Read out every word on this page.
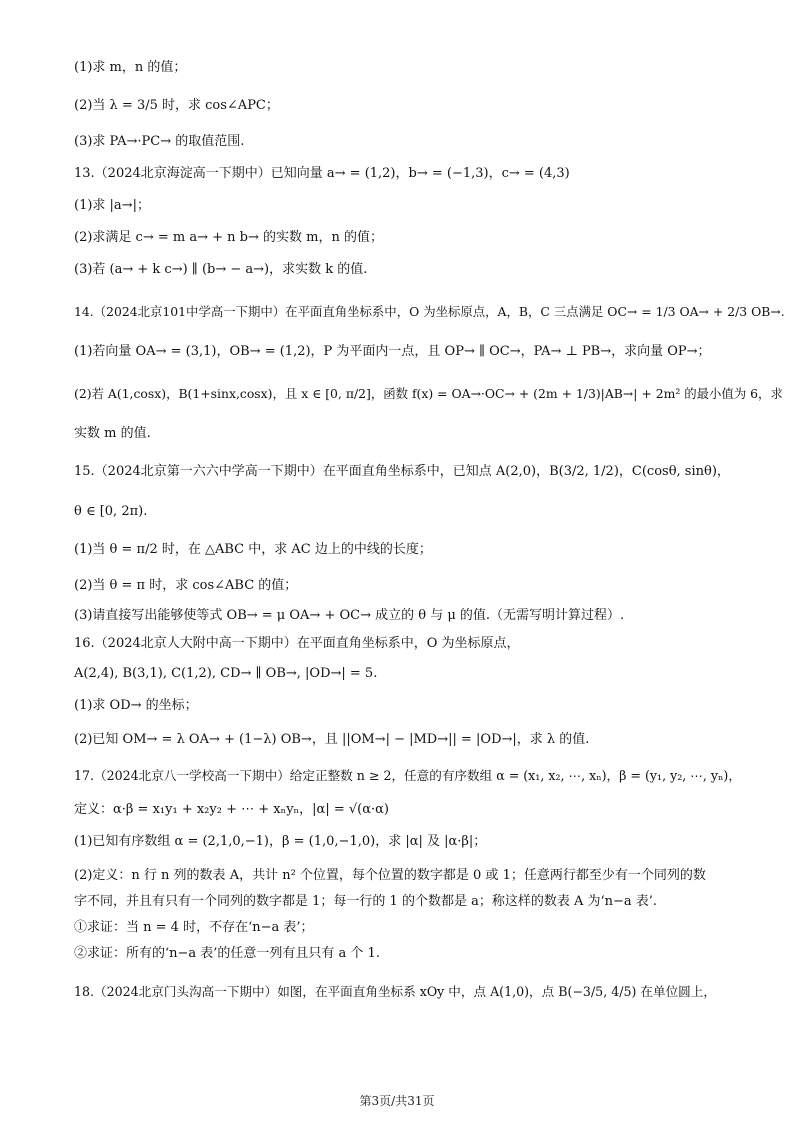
(1)求 m，n 的值；
(2)当 λ = 3/5 时，求 cos∠APC；
(3)求 PA→·PC→ 的取值范围.
13.（2024北京海淀高一下期中）已知向量 a→ = (1,2)，b→ = (−1,3)，c→ = (4,3)
(1)求 |a→|；
(2)求满足 c→ = m a→ + n b→ 的实数 m，n 的值；
(3)若 (a→ + k c→) ∥ (b→ − a→)，求实数 k 的值.
14.（2024北京101中学高一下期中）在平面直角坐标系中，O 为坐标原点，A，B，C 三点满足 OC→ = 1/3 OA→ + 2/3 OB→.
(1)若向量 OA→ = (3,1)，OB→ = (1,2)，P 为平面内一点，且 OP→ ∥ OC→，PA→ ⊥ PB→，求向量 OP→；
(2)若 A(1,cosx)，B(1+sinx,cosx)，且 x ∈ [0, π/2]，函数 f(x) = OA→·OC→ + (2m + 1/3)|AB→| + 2m² 的最小值为 6，求
实数 m 的值.
15.（2024北京第一六六中学高一下期中）在平面直角坐标系中，已知点 A(2,0)，B(3/2, 1/2)，C(cosθ, sinθ)，
θ ∈ [0, 2π).
(1)当 θ = π/2 时，在 △ABC 中，求 AC 边上的中线的长度；
(2)当 θ = π 时，求 cos∠ABC 的值；
(3)请直接写出能够使等式 OB→ = μ OA→ + OC→ 成立的 θ 与 μ 的值.（无需写明计算过程）.
16.（2024北京人大附中高一下期中）在平面直角坐标系中，O 为坐标原点，
A(2,4), B(3,1), C(1,2), CD→ ∥ OB→, |OD→| = 5.
(1)求 OD→ 的坐标；
(2)已知 OM→ = λ OA→ + (1−λ) OB→，且 ||OM→| − |MD→|| = |OD→|，求 λ 的值.
17.（2024北京八一学校高一下期中）给定正整数 n ≥ 2，任意的有序数组 α = (x₁, x₂, ⋯, xₙ)，β = (y₁, y₂, ⋯, yₙ)，
定义：α·β = x₁y₁ + x₂y₂ + ⋯ + xₙyₙ，|α| = √(α·α)
(1)已知有序数组 α = (2,1,0,−1)，β = (1,0,−1,0)，求 |α| 及 |α·β|；
(2)定义：n 行 n 列的数表 A，共计 n² 个位置，每个位置的数字都是 0 或 1；任意两行都至少有一个同列的数
字不同，并且有只有一个同列的数字都是 1；每一行的 1 的个数都是 a；称这样的数表 A 为‘n−a 表’.
①求证：当 n = 4 时，不存在‘n−a 表’；
②求证：所有的‘n−a 表’的任意一列有且只有 a 个 1.
18.（2024北京门头沟高一下期中）如图，在平面直角坐标系 xOy 中，点 A(1,0)，点 B(−3/5, 4/5) 在单位圆上，
第3页/共31页
